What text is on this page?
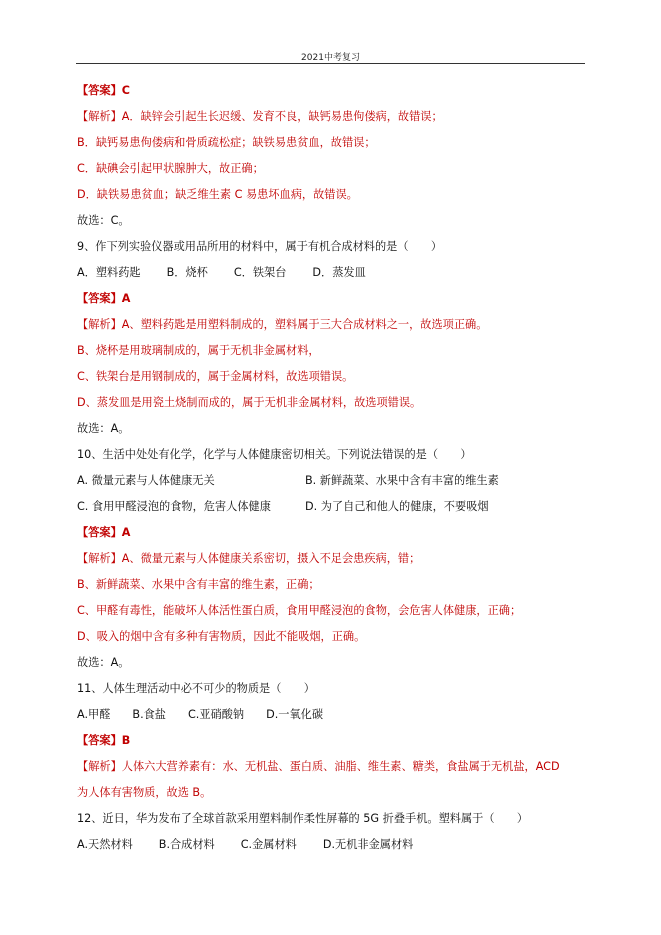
2021中考复习
【答案】C
【解析】A．缺锌会引起生长迟缓、发育不良，缺钙易患佝偻病，故错误；
B．缺钙易患佝偻病和骨质疏松症；缺铁易患贫血，故错误；
C．缺碘会引起甲状腺肿大，故正确；
D．缺铁易患贫血；缺乏维生素 C 易患坏血病，故错误。
故选：C。
9、作下列实验仪器或用品所用的材料中，属于有机合成材料的是（　　）
A．塑料药匙 B．烧杯 C．铁架台 D．蒸发皿
【答案】A
【解析】A、塑料药匙是用塑料制成的，塑料属于三大合成材料之一，故选项正确。
B、烧杯是用玻璃制成的，属于无机非金属材料，
C、铁架台是用钢制成的，属于金属材料，故选项错误。
D、蒸发皿是用瓷土烧制而成的，属于无机非金属材料，故选项错误。
故选：A。
10、生活中处处有化学，化学与人体健康密切相关。下列说法错误的是（　　）
A. 微量元素与人体健康无关	B. 新鲜蔬菜、水果中含有丰富的维生素
C. 食用甲醛浸泡的食物，危害人体健康	D. 为了自己和他人的健康，不要吸烟
【答案】A
【解析】A、微量元素与人体健康关系密切，摄入不足会患疾病，错；
B、新鲜蔬菜、水果中含有丰富的维生素，正确；
C、甲醛有毒性，能破坏人体活性蛋白质，食用甲醛浸泡的食物，会危害人体健康，正确；
D、吸入的烟中含有多种有害物质，因此不能吸烟，正确。
故选：A。
11、人体生理活动中必不可少的物质是（　　）
A.甲醛 B.食盐 C.亚硝酸钠 D.一氧化碳
【答案】B
【解析】人体六大营养素有：水、无机盐、蛋白质、油脂、维生素、糖类，食盐属于无机盐，ACD
为人体有害物质，故选 B。
12、近日，华为发布了全球首款采用塑料制作柔性屏幕的 5G 折叠手机。塑料属于（　　）
A.天然材料 B.合成材料 C.金属材料 D.无机非金属材料
